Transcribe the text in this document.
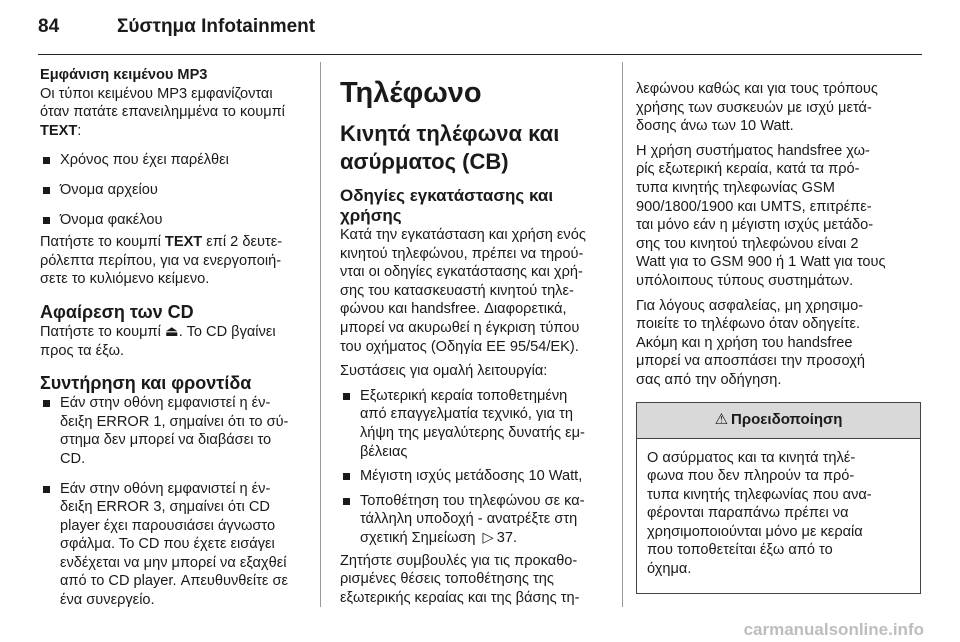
84	Σύστημα Infotainment
Εμφάνιση κειμένου MP3
Οι τύποι κειμένου MP3 εμφανίζονται
όταν πατάτε επανειλημμένα το κουμπί
TEXT:
Χρόνος που έχει παρέλθει
Όνομα αρχείου
Όνομα φακέλου
Πατήστε το κουμπί TEXT επί 2 δευτε-
ρόλεπτα περίπου, για να ενεργοποιή-
σετε το κυλιόμενο κείμενο.
Αφαίρεση των CD
Πατήστε το κουμπί ⏏. Το CD βγαίνει
προς τα έξω.
Συντήρηση και φροντίδα
Εάν στην οθόνη εμφανιστεί η έν-
δειξη ERROR 1, σημαίνει ότι το σύ-
στημα δεν μπορεί να διαβάσει το
CD.
Εάν στην οθόνη εμφανιστεί η έν-
δειξη ERROR 3, σημαίνει ότι CD
player έχει παρουσιάσει άγνωστο
σφάλμα. Το CD που έχετε εισάγει
ενδέχεται να μην μπορεί να εξαχθεί
από το CD player. Απευθυνθείτε σε
ένα συνεργείο.
Τηλέφωνο
Κινητά τηλέφωνα και
ασύρματος (CB)
Οδηγίες εγκατάστασης και
χρήσης
Κατά την εγκατάσταση και χρήση ενός
κινητού τηλεφώνου, πρέπει να τηρού-
νται οι οδηγίες εγκατάστασης και χρή-
σης του κατασκευαστή κινητού τηλε-
φώνου και handsfree. Διαφορετικά,
μπορεί να ακυρωθεί η έγκριση τύπου
του οχήματος (Οδηγία ΕΕ 95/54/ΕΚ).
Συστάσεις για ομαλή λειτουργία:
Εξωτερική κεραία τοποθετημένη
από επαγγελματία τεχνικό, για τη
λήψη της μεγαλύτερης δυνατής εμ-
βέλειας
Μέγιστη ισχύς μετάδοσης 10 Watt,
Τοποθέτηση του τηλεφώνου σε κα-
τάλληλη υποδοχή - ανατρέξτε στη
σχετική Σημείωση ▷ 37.
Ζητήστε συμβουλές για τις προκαθο-
ρισμένες θέσεις τοποθέτησης της
εξωτερικής κεραίας και της βάσης τη-
λεφώνου καθώς και για τους τρόπους
χρήσης των συσκευών με ισχύ μετά-
δοσης άνω των 10 Watt.
Η χρήση συστήματος handsfree χω-
ρίς εξωτερική κεραία, κατά τα πρό-
τυπα κινητής τηλεφωνίας GSM
900/1800/1900 και UMTS, επιτρέπε-
ται μόνο εάν η μέγιστη ισχύς μετάδο-
σης του κινητού τηλεφώνου είναι 2
Watt για το GSM 900 ή 1 Watt για τους
υπόλοιπους τύπους συστημάτων.
Για λόγους ασφαλείας, μη χρησιμο-
ποιείτε το τηλέφωνο όταν οδηγείτε.
Ακόμη και η χρήση του handsfree
μπορεί να αποσπάσει την προσοχή
σας από την οδήγηση.
⚠ Προειδοποίηση
Ο ασύρματος και τα κινητά τηλέ-
φωνα που δεν πληρούν τα πρό-
τυπα κινητής τηλεφωνίας που ανα-
φέρονται παραπάνω πρέπει να
χρησιμοποιούνται μόνο με κεραία
που τοποθετείται έξω από το
όχημα.
carmanualsonline.info
